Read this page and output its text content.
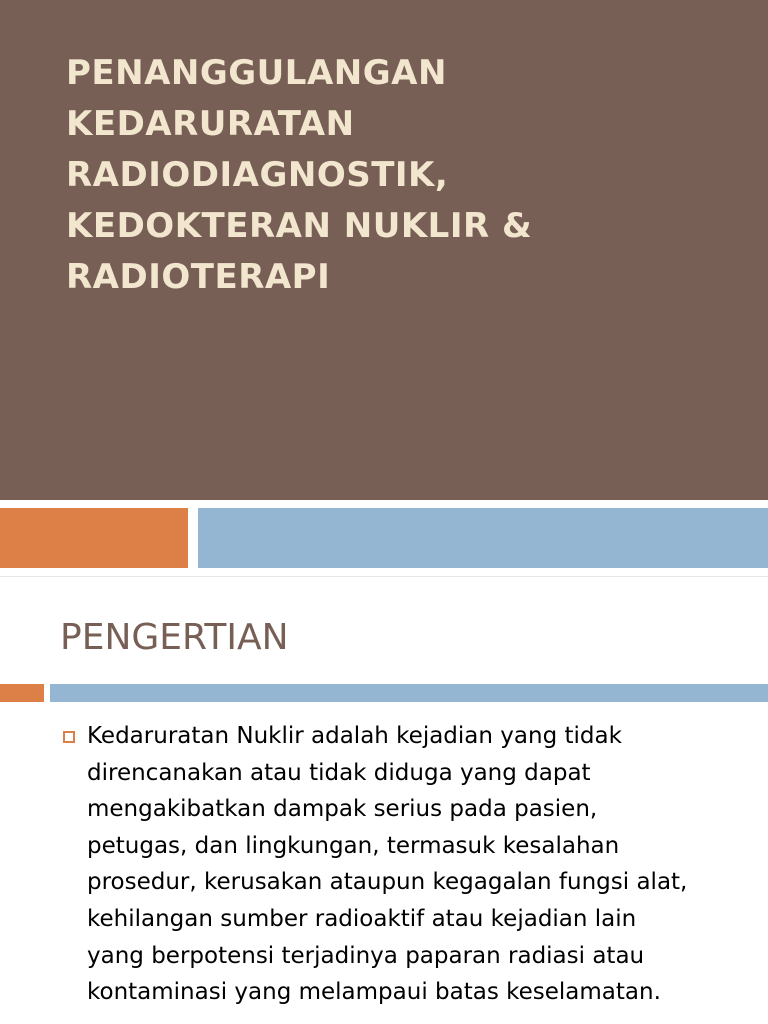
PENANGGULANGAN
KEDARURATAN
RADIODIAGNOSTIK,
KEDOKTERAN NUKLIR &
RADIOTERAPI
PENGERTIAN

Kedaruratan Nuklir adalah kejadian yang tidak
direncanakan atau tidak diduga yang dapat
mengakibatkan dampak serius pada pasien,
petugas, dan lingkungan, termasuk kesalahan
prosedur, kerusakan ataupun kegagalan fungsi alat,
kehilangan sumber radioaktif atau kejadian lain
yang berpotensi terjadinya paparan radiasi atau
kontaminasi yang melampaui batas keselamatan.
